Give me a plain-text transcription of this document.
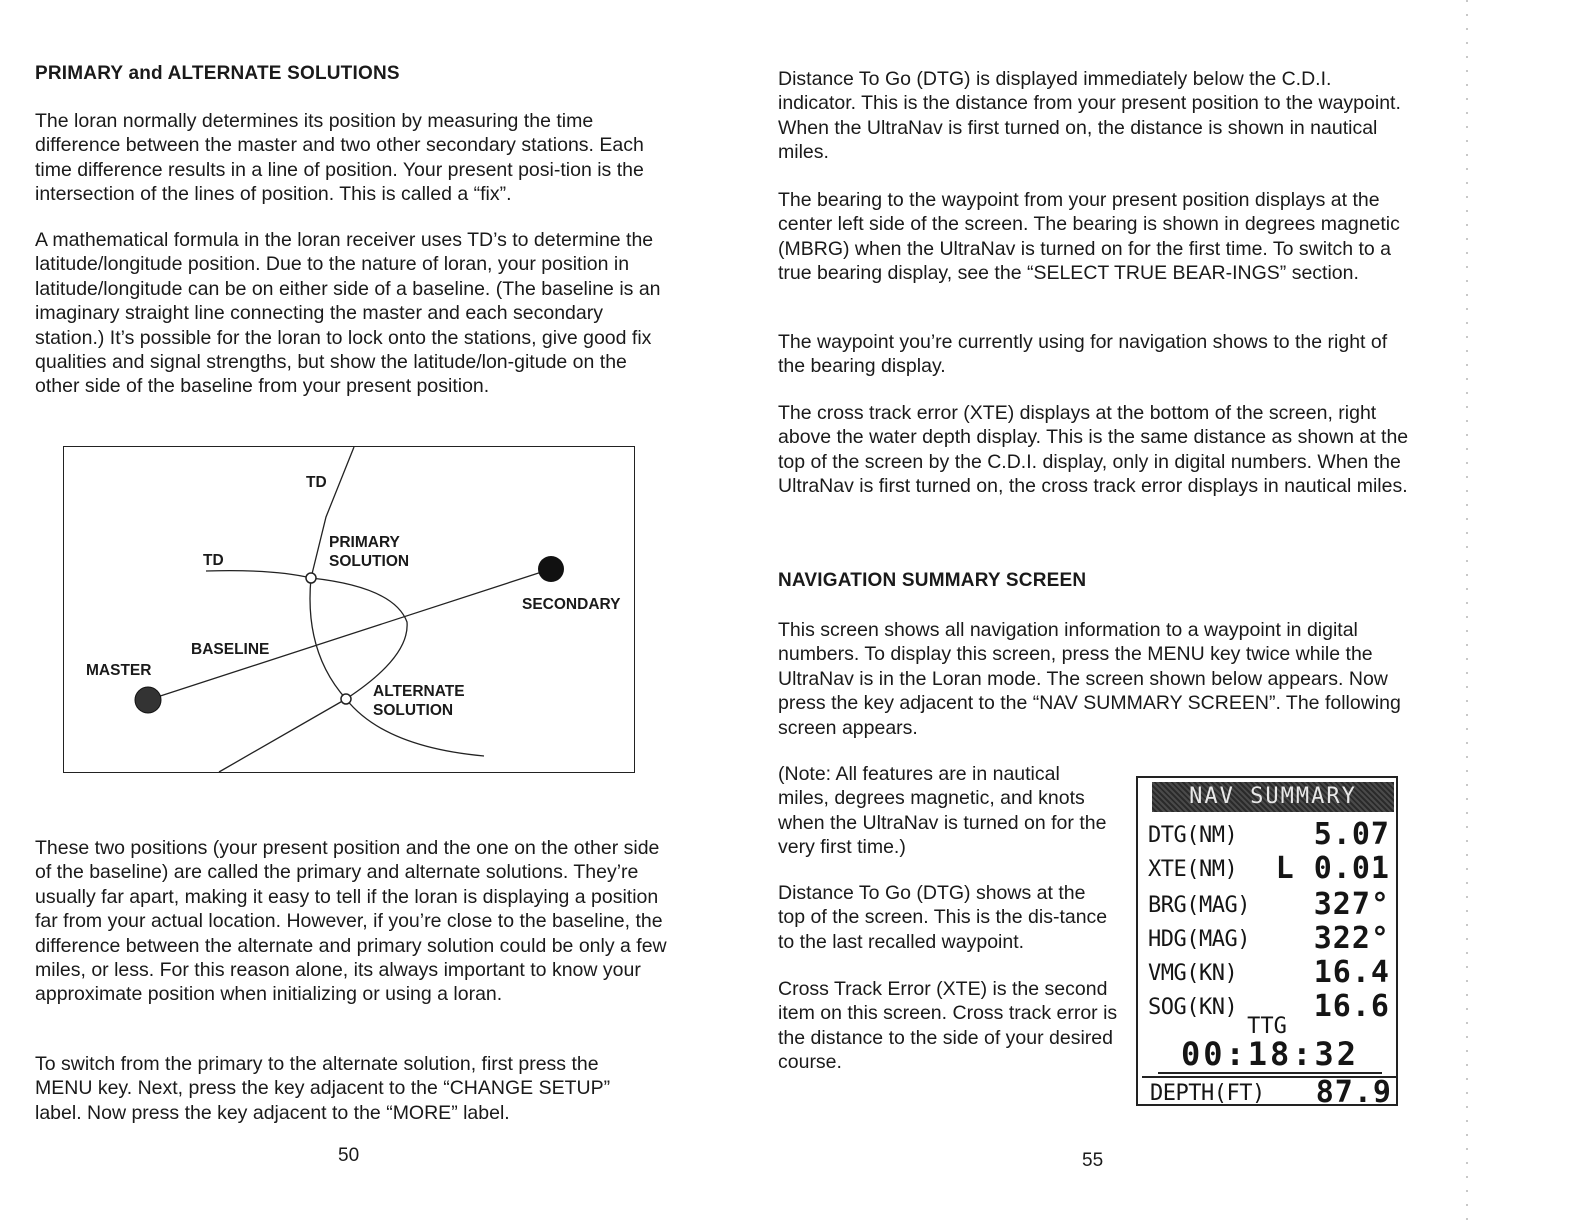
PRIMARY and ALTERNATE SOLUTIONS

The loran normally determines its position by measuring the time difference between the master and two other secondary stations. Each time difference results in a line of position. Your present posi-tion is the intersection of the lines of position. This is called a “fix”.

A mathematical formula in the loran receiver uses TD’s to determine the latitude/longitude position. Due to the nature of loran, your position in latitude/longitude can be on either side of a baseline. (The baseline is an imaginary straight line connecting the master and each secondary station.) It’s possible for the loran to lock onto the stations, give good fix qualities and signal strengths, but show the latitude/lon-gitude on the other side of the baseline from your present position.

TD
TD
PRIMARY
SOLUTION
SECONDARY
BASELINE
MASTER
ALTERNATE
SOLUTION

These two positions (your present position and the one on the other side of the baseline) are called the primary and alternate solutions. They’re usually far apart, making it easy to tell if the loran is displaying a position far from your actual location. However, if you’re close to the baseline, the difference between the alternate and primary solution could be only a few miles, or less. For this reason alone, its always important to know your approximate position when initializing or using a loran.

To switch from the primary to the alternate solution, first press the MENU key. Next, press the key adjacent to the “CHANGE SETUP” label. Now press the key adjacent to the “MORE” label.

50

Distance To Go (DTG) is displayed immediately below the C.D.I. indicator. This is the distance from your present position to the waypoint. When the UltraNav is first turned on, the distance is shown in nautical miles.

The bearing to the waypoint from your present position displays at the center left side of the screen. The bearing is shown in degrees magnetic (MBRG) when the UltraNav is turned on for the first time. To switch to a true bearing display, see the “SELECT TRUE BEAR-INGS” section.

The waypoint you’re currently using for navigation shows to the right of the bearing display.

The cross track error (XTE) displays at the bottom of the screen, right above the water depth display. This is the same distance as shown at the top of the screen by the C.D.I. display, only in digital numbers. When the UltraNav is first turned on, the cross track error displays in nautical miles.

NAVIGATION SUMMARY SCREEN

This screen shows all navigation information to a waypoint in digital numbers. To display this screen, press the MENU key twice while the UltraNav is in the Loran mode. The screen shown below appears. Now press the key adjacent to the “NAV SUMMARY SCREEN”. The following screen appears.

(Note: All features are in nautical miles, degrees magnetic, and knots when the UltraNav is turned on for the very first time.)

Distance To Go (DTG) shows at the top of the screen. This is the dis-tance to the last recalled waypoint.

Cross Track Error (XTE) is the second item on this screen. Cross track error is the distance to the side of your desired course.

55
NAV SUMMARY
DTG(NM)	5.07
XTE(NM) L 0.01
BRG(MAG) 327°
HDG(MAG) 322°
VMG(KN)	16.4
SOG(KN)	16.6
TTG
00:18:32
DEPTH(FT) 87.9
